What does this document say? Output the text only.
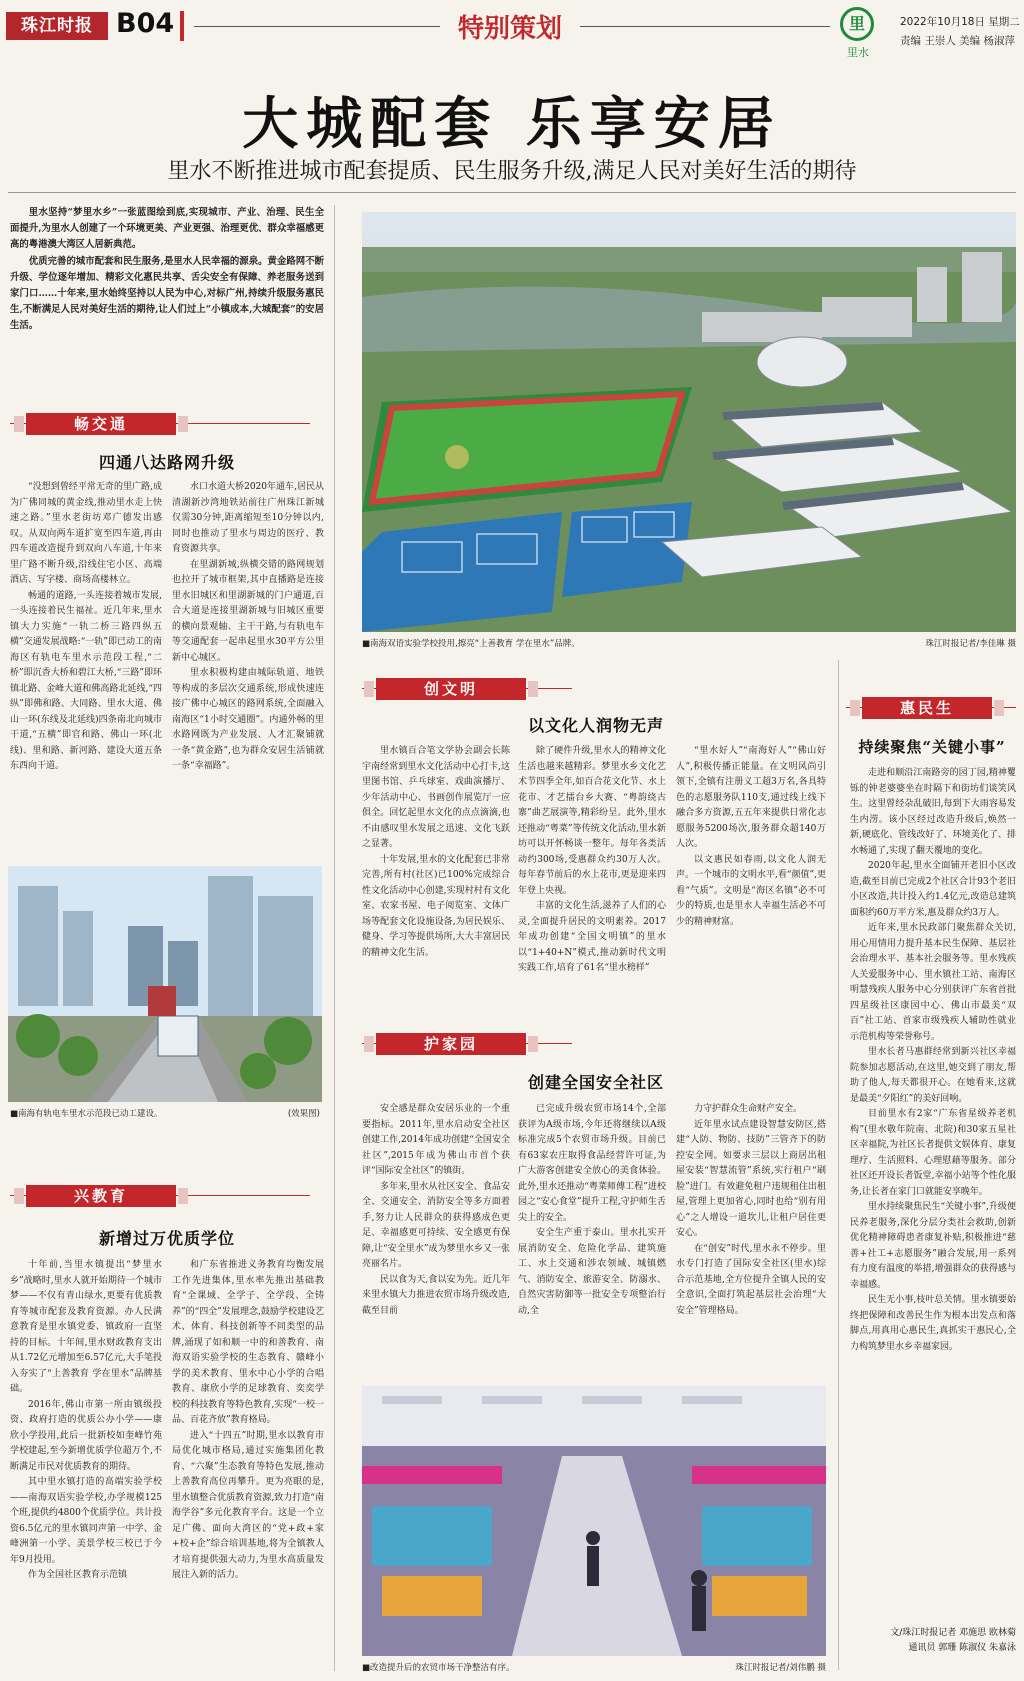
珠江时报 B04	特别策划	里
里水
2022年10月18日 星期二
责编 王崇人 美编 杨淑萍
大城配套 乐享安居
里水不断推进城市配套提质、民生服务升级,满足人民对美好生活的期待

里水坚持“梦里水乡”一张蓝图绘到底,实现城市、产业、治理、民生全面提升,为里水人创建了一个环境更美、产业更强、治理更优、群众幸福感更高的粤港澳大湾区人居新典范。

优质完善的城市配套和民生服务,是里水人民幸福的源泉。黄金路网不断升级、学位逐年增加、精彩文化惠民共享、舌尖安全有保障、养老服务送到家门口……十年来,里水始终坚持以人民为中心,对标广州,持续升级服务惠民生,不断满足人民对美好生活的期待,让人们过上“小镇成本,大城配套”的安居生活。

■南海双语实验学校投用,擦亮“上善教育 学在里水”品牌。	珠江时报记者/李佳琳 摄
畅交通
四通八达路网升级

“没想到曾经平常无奇的里广路,成为广佛同城的黄金线,推动里水走上快速之路。”里水老街坊邓广德发出感叹。从双向两车道扩宽至四车道,再由四车道改造提升到双向八车道,十年来里广路不断升级,沿线住宅小区、高端酒店、写字楼、商场高楼林立。

畅通的道路,一头连接着城市发展,一头连接着民生福祉。近几年来,里水镇大力实施“一轨二桥三路四纵五横”交通发展战略:“一轨”即已动工的南海区有轨电车里水示范段工程,“二桥”即沉香大桥和碧江大桥,“三路”即环镇北路、金峰大道和佛高路北延线,“四纵”即佛和路、大同路、里水大道、佛山一环(东线及北延线)四条南北向城市干道,“五横”即官和路、佛山一环(北线)、里和路、新河路、建设大道五条东西向干道。

水口水道大桥2020年通车,居民从清湖新沙湾地铁站前往广州珠江新城仅需30分钟,距离缩短至10分钟以内,同时也推动了里水与周边的医疗、教育资源共享。

在里湖新城,纵横交错的路网规划也拉开了城市框架,其中直播路是连接里水旧城区和里湖新城的门户通道,百合大道是连接里湖新城与旧城区重要的横向景观轴、主干干路,与有轨电车等交通配套一起串起里水30平方公里新中心城区。

里水积极构建由城际轨道、地铁等构成的多层次交通系统,形成快速连接广佛中心城区的路网系统,全面融入南海区“1小时交通圈”。内通外畅的里水路网既为产业发展、人才汇聚铺就一条“黄金路”,也为群众安居生活铺就一条“幸福路”。

■南海有轨电车里水示范段已动工建设。	(效果图)
兴教育
新增过万优质学位

十年前,当里水镇提出“梦里水乡”战略时,里水人就开始期待一个城市梦——不仅有青山绿水,更要有优质教育等城市配套及教育资源。办人民满意教育是里水镇党委、镇政府一直坚持的目标。十年间,里水财政教育支出从1.72亿元增加至6.57亿元,大手笔投入夯实了“上善教育 学在里水”品牌基础。

2016年,佛山市第一所由镇级投资、政府打造的优质公办小学——康欣小学投用,此后一批新校如奎峰竹苑学校建起,至今新增优质学位超万个,不断满足市民对优质教育的期待。

其中里水镇打造的高端实验学校——南海双语实验学校,办学规模125个班,提供约4800个优质学位。共计投资6.5亿元的里水镇同声第一中学、金峰洲第一小学、美景学校三校已于今年9月投用。

作为全国社区教育示范镇

和广东省推进义务教育均衡发展工作先进集体,里水率先推出基础教育“全课域、全学子、全学段、全铸养”的“四全”发展理念,鼓励学校建设艺术、体育、科技创新等不同类型的品牌,涌现了如和顺一中的和善教育、南海双语实验学校的生态教育、赣峰小学的美术教育、里水中心小学的合唱教育、康欣小学的足球教育、奕奕学校的科技教育等特色教育,实现“一校一品、百花齐放”教育格局。

进入“十四五”时期,里水以教育市局优化城市格局,通过实施集团化教育、“六聚”生态教育等特色发展,推动上善教育高位再攀升。更为亮眼的是,里水镇整合优质教育资源,致力打造“南海学谷”多元化教育平台。这是一个立足广佛、面向大湾区的“党+政+家+校+企”综合培训基地,将为全镇教人才培育提供强大动力,为里水高质量发展注入新的活力。

创文明
以文化人润物无声

里水镇百合笔文学协会副会长陈宇南经常到里水文化活动中心打卡,这里图书馆、乒乓球室、戏曲演播厅、少年活动中心、书画创作展览厅一应俱全。回忆起里水文化的点点滴滴,也不由感叹里水发展之迅速、文化飞跃之显著。

十年发展,里水的文化配套已非常完善,所有村(社区)已100%完成综合性文化活动中心创建,实现村村有文化室、农家书屋、电子阅览室、文体广场等配套文化设施设备,为居民娱乐、健身、学习等提供场所,大大丰富居民的精神文化生活。

除了硬件升级,里水人的精神文化生活也越来越精彩。梦里水乡文化艺术节四季全年,如百合花文化节、水上花市、才艺擂台乡大赛、“粤韵绕古寨”曲艺展演等,精彩纷呈。此外,里水还推动“粤菜”等传统文化活动,里水新坊可以开怀畅谈一整年。每年各类活动约300场,受惠群众约30万人次。每年春节前后的水上花市,更是迎来四年登上央视。

丰富的文化生活,滋养了人们的心灵,全面提升居民的文明素养。2017年成功创建“全国文明镇”的里水以“1+40+N”模式,推动新时代文明实践工作,培育了61名“里水榜样”

“里水好人”“南海好人”“佛山好人”,积极传播正能量。在文明风尚引领下,全镇有注册义工超3万名,各具特色的志愿服务队110支,通过线上线下融合多方资源,五五年来提供日常化志愿服务5200场次,服务群众超140万人次。

以文惠民如春雨,以文化人润无声。一个城市的文明水平,看“颜值”,更看“气质”。文明是“海区名镇”必不可少的特质,也是里水人幸福生活必不可少的精神财富。

护家园
创建全国安全社区

安全感是群众安居乐业的一个重要指标。2011年,里水启动安全社区创建工作,2014年成功创建“全国安全社区”,2015年成为佛山市首个获评“国际安全社区”的镇街。

多年来,里水从社区安全、食品安全、交通安全、消防安全等多方面着手,努力让人民群众的获得感成色更足、幸福感更可持续、安全感更有保障,让“安全里水”成为梦里水乡又一张亮丽名片。

民以食为天,食以安为先。近几年来里水镇大力推进农贸市场升级改造,截至目前

已完成升级农贸市场14个,全部获评为A级市场,今年还将继续以A级标准完成5个农贸市场升级。目前已有63家农庄取得食品经营许可证,为广大游客创建安全放心的美食体验。此外,里水还推动“粤菜师傅工程”进校园之“安心食堂”提升工程,守护师生舌尖上的安全。

安全生产重于泰山。里水扎实开展消防安全、危险化学品、建筑施工、水上交通和涉农领域、城镇燃气、消防安全、旅游安全、防溺水、自然灾害防御等一批安全专项整治行动,全

力守护群众生命财产安全。

近年里水试点建设智慧安防区,搭建“人防、物防、技防”三管齐下的防控安全网。如要求三层以上商居出租屋安装“智慧流管”系统,实行租户“刷脸”进门。有效避免租户违规租住出租屋,管理上更加省心,同时也给“别有用心”之人增设一道坎儿,让租户居住更安心。

在“创安”时代,里水永不停步。里水专门打造了国际安全社区(里水)综合示范基地,全方位提升全镇人民的安全意识,全面打筑起基层社会治理“大安全”管理格局。

■改造提升后的农贸市场干净整洁有序。	珠江时报记者/刘伟鹏 摄
惠民生
持续聚焦“关键小事”

走进和顺沿江南路旁的园丁园,精神矍铄的钟老婆婆坐在时隔下和街坊们谈笑风生。这里曾经杂乱破旧,每到下大雨容易发生内涝。该小区经过改造升级后,焕然一新,硬底化、管线改好了、环境美化了、排水畅通了,实现了翻天覆地的变化。

2020年起,里水全面铺开老旧小区改造,截至目前已完成2个社区合计93个老旧小区改造,共计投入约1.4亿元,改造总建筑面积约60万平方米,惠及群众约3万人。

近年来,里水民政部门聚焦群众关切,用心用情用力提升基本民生保障、基层社会治理水平、基本社会服务等。里水残疾人关爱服务中心、里水镇社工站、南海区明慧残疾人服务中心分别获评广东省首批四星级社区康园中心、佛山市最美“双百”社工站、首家市级残疾人辅助性就业示范机构等荣誉称号。

里水长者马惠群经常到新兴社区幸福院参加志愿活动,在这里,她交到了朋友,帮助了他人,每天都很开心。在她看来,这就是最美“夕阳红”的美好回响。

目前里水有2家“广东省星级养老机构”(里水敬年院南、北院)和30家五星社区幸福院,为社区长者提供文娱体育、康复理疗、生活照料、心理慰藉等服务。部分社区还开设长者饭堂,幸福小站等个性化服务,让长者在家门口就能安享晚年。

里水持续聚焦民生“关键小事”,升级便民养老服务,深化分层分类社会救助,创新优化精神障碍患者康复补贴,积极推进“慈善+社工+志愿服务”融合发展,用一系列有力度有温度的举措,增强群众的获得感与幸福感。

民生无小事,枝叶总关情。里水镇要始终把保障和改善民生作为根本出发点和落脚点,用真用心惠民生,真抓实干惠民心,全力构筑梦里水乡幸福家园。

文/珠江时报记者 邓施思 欧林菊
通讯员 郭珊 陈淑仪 朱嘉泳
